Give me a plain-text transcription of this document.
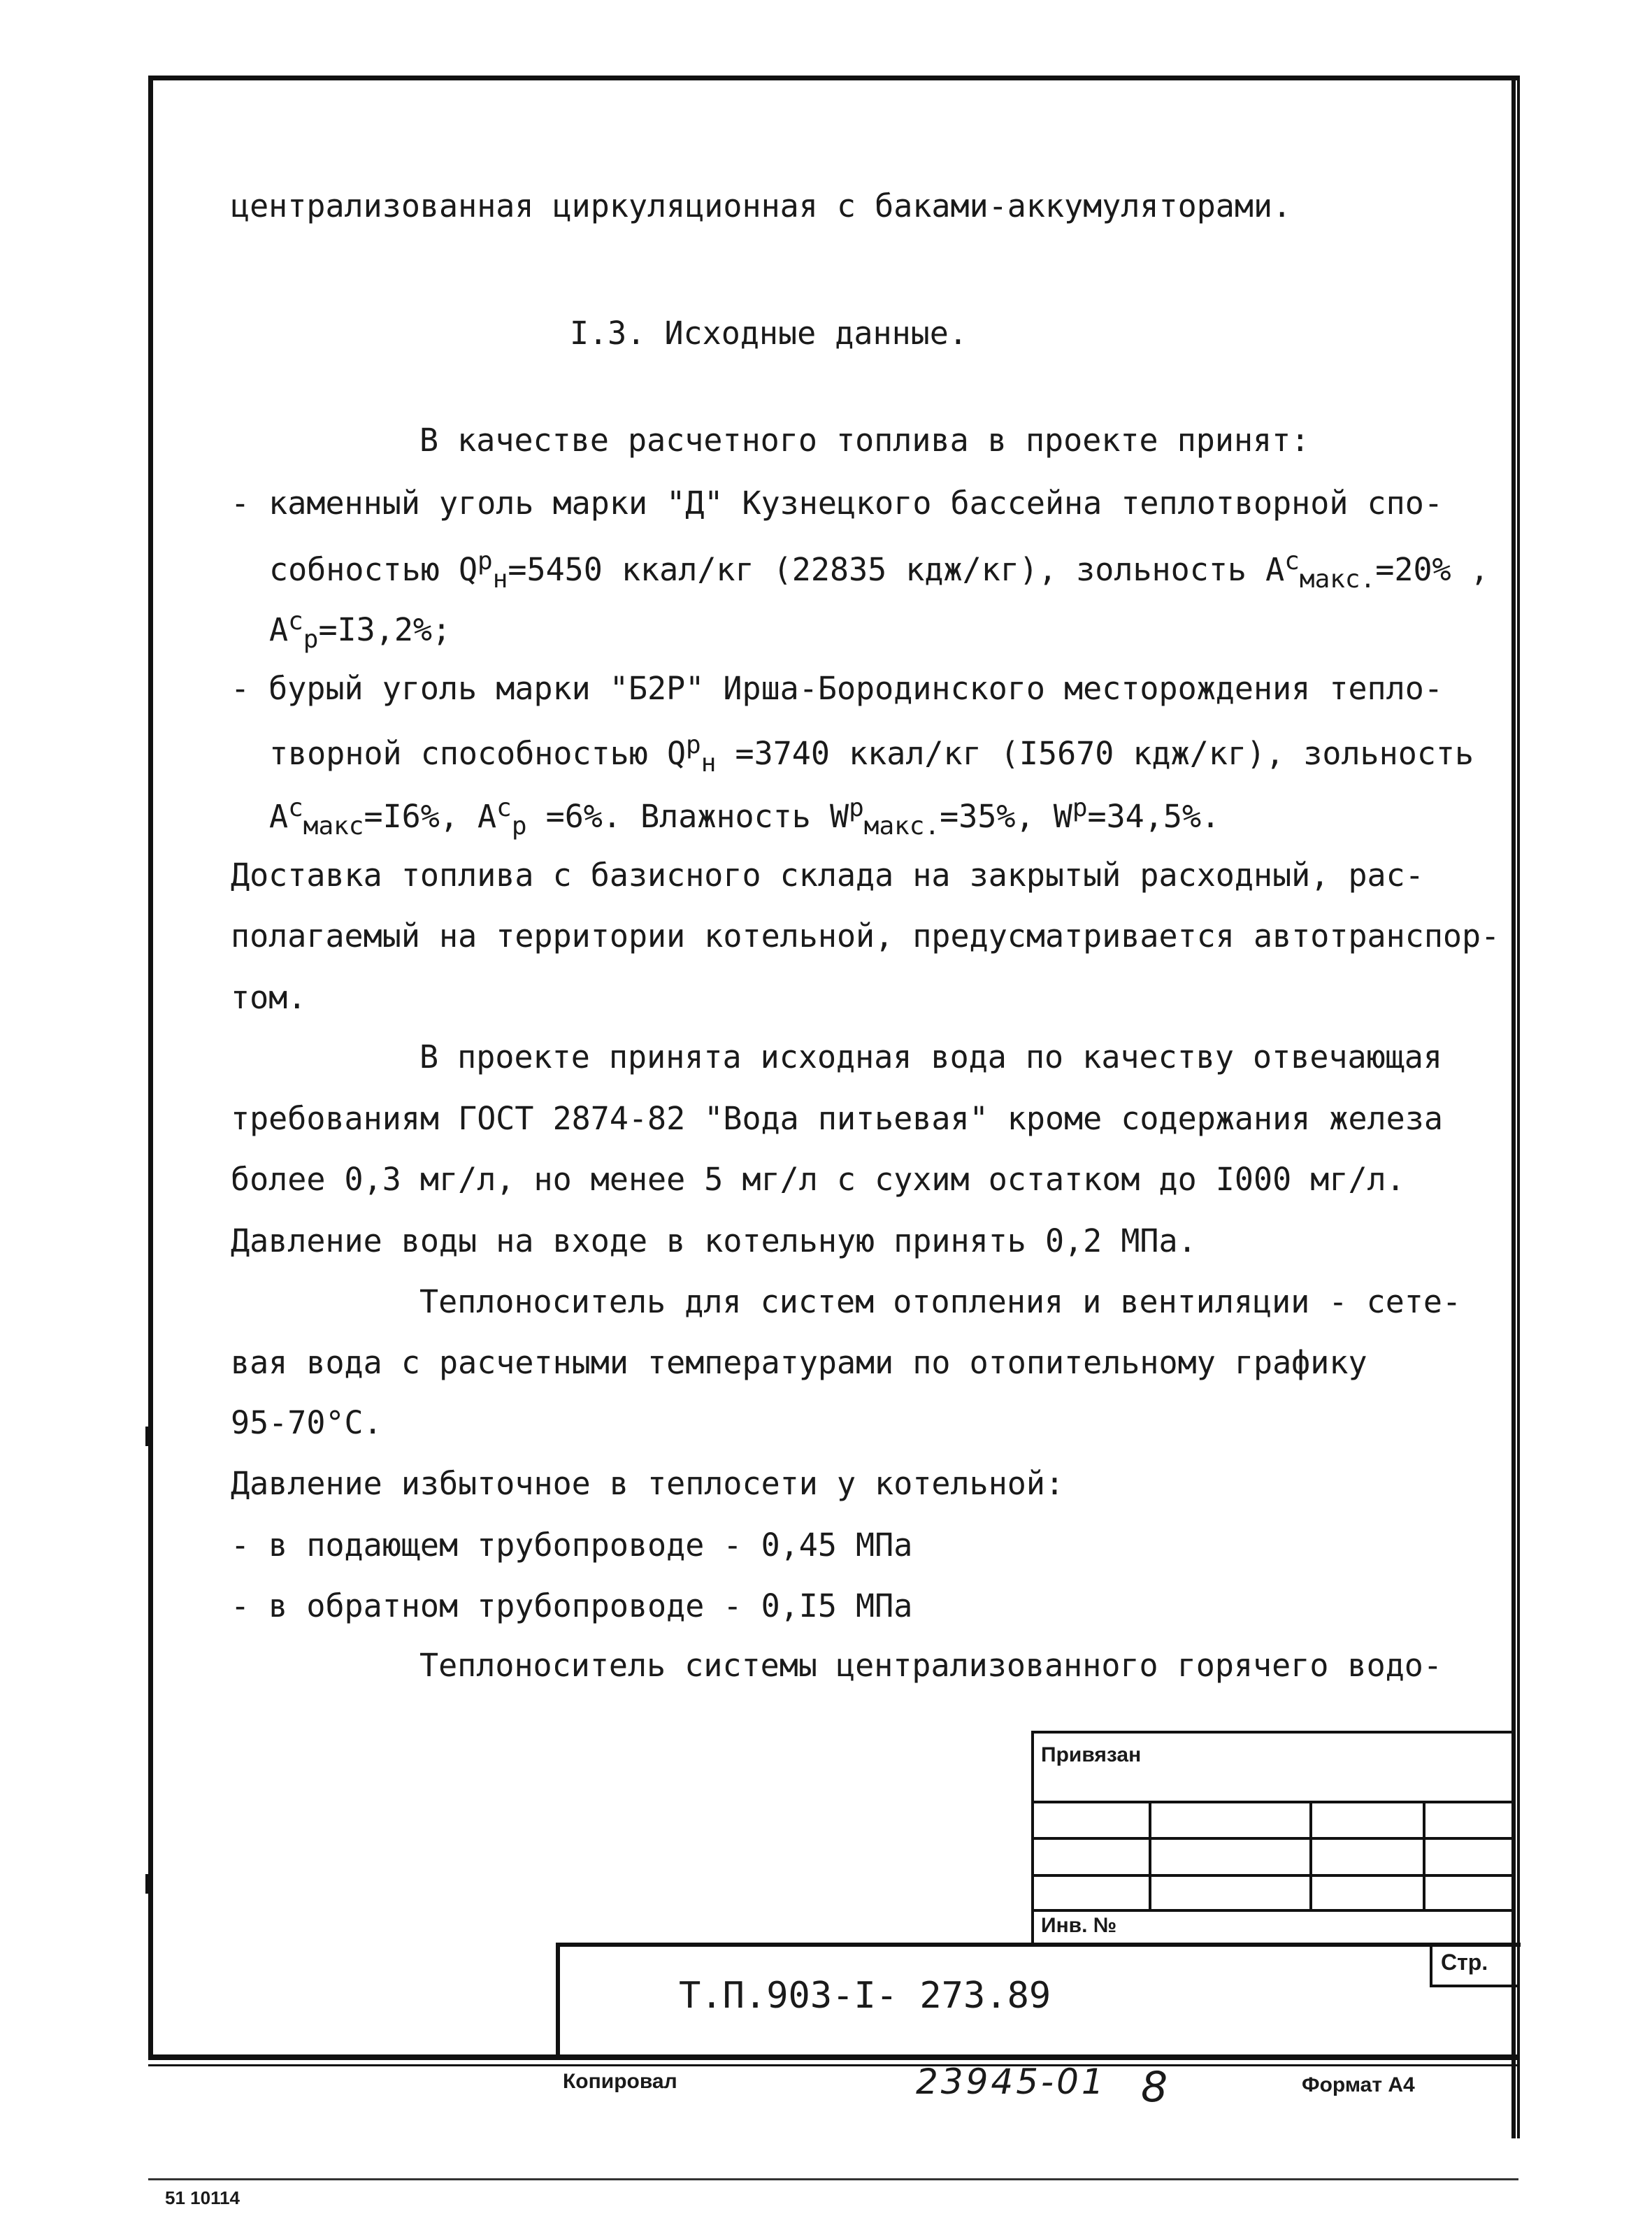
централизованная циркуляционная с баками-аккумуляторами.
I.3. Исходные данные.
В качестве расчетного топлива в проекте принят:
- каменный уголь марки "Д" Кузнецкого бассейна теплотворной спо-
собностью $Q^р_н=5450$ ккал/кг (22835 кдж/кг), зольность $А^с_{макс.}=20\%$ ,
$А^с_р=I3,2\%$;
- бурый уголь марки "Б2Р" Ирша-Бородинского месторождения тепло-
творной способностью $Q^р_н =3740$ ккал/кг (I5670 кдж/кг), зольность
$А^с_{макс}=I6\%$, $А^с_р =6\%$. Влажность $W^р_{макс.}=35\%$, $W^р=34,5\%$.
Доставка топлива с базисного склада на закрытый расходный, рас-
полагаемый на территории котельной, предусматривается автотранспор-
том.
В проекте принята исходная вода по качеству отвечающая
требованиям ГОСТ 2874-82 "Вода питьевая" кроме содержания железа
более 0,3 мг/л, но менее 5 мг/л с сухим остатком до I000 мг/л.
Давление воды на входе в котельную принять 0,2 МПа.
Теплоноситель для систем отопления и вентиляции - сете-
вая вода с расчетными температурами по отопительному графику
95-70°С.
Давление избыточное в теплосети у котельной:
- в подающем трубопроводе - 0,45 МПа
- в обратном трубопроводе - 0,I5 МПа
Теплоноситель системы централизованного горячего водо-
Привязан
Инв. №
Т.П.903-I- 273.89
Стр.
Копировал	23945-01 8	Формат А4
51 10114
